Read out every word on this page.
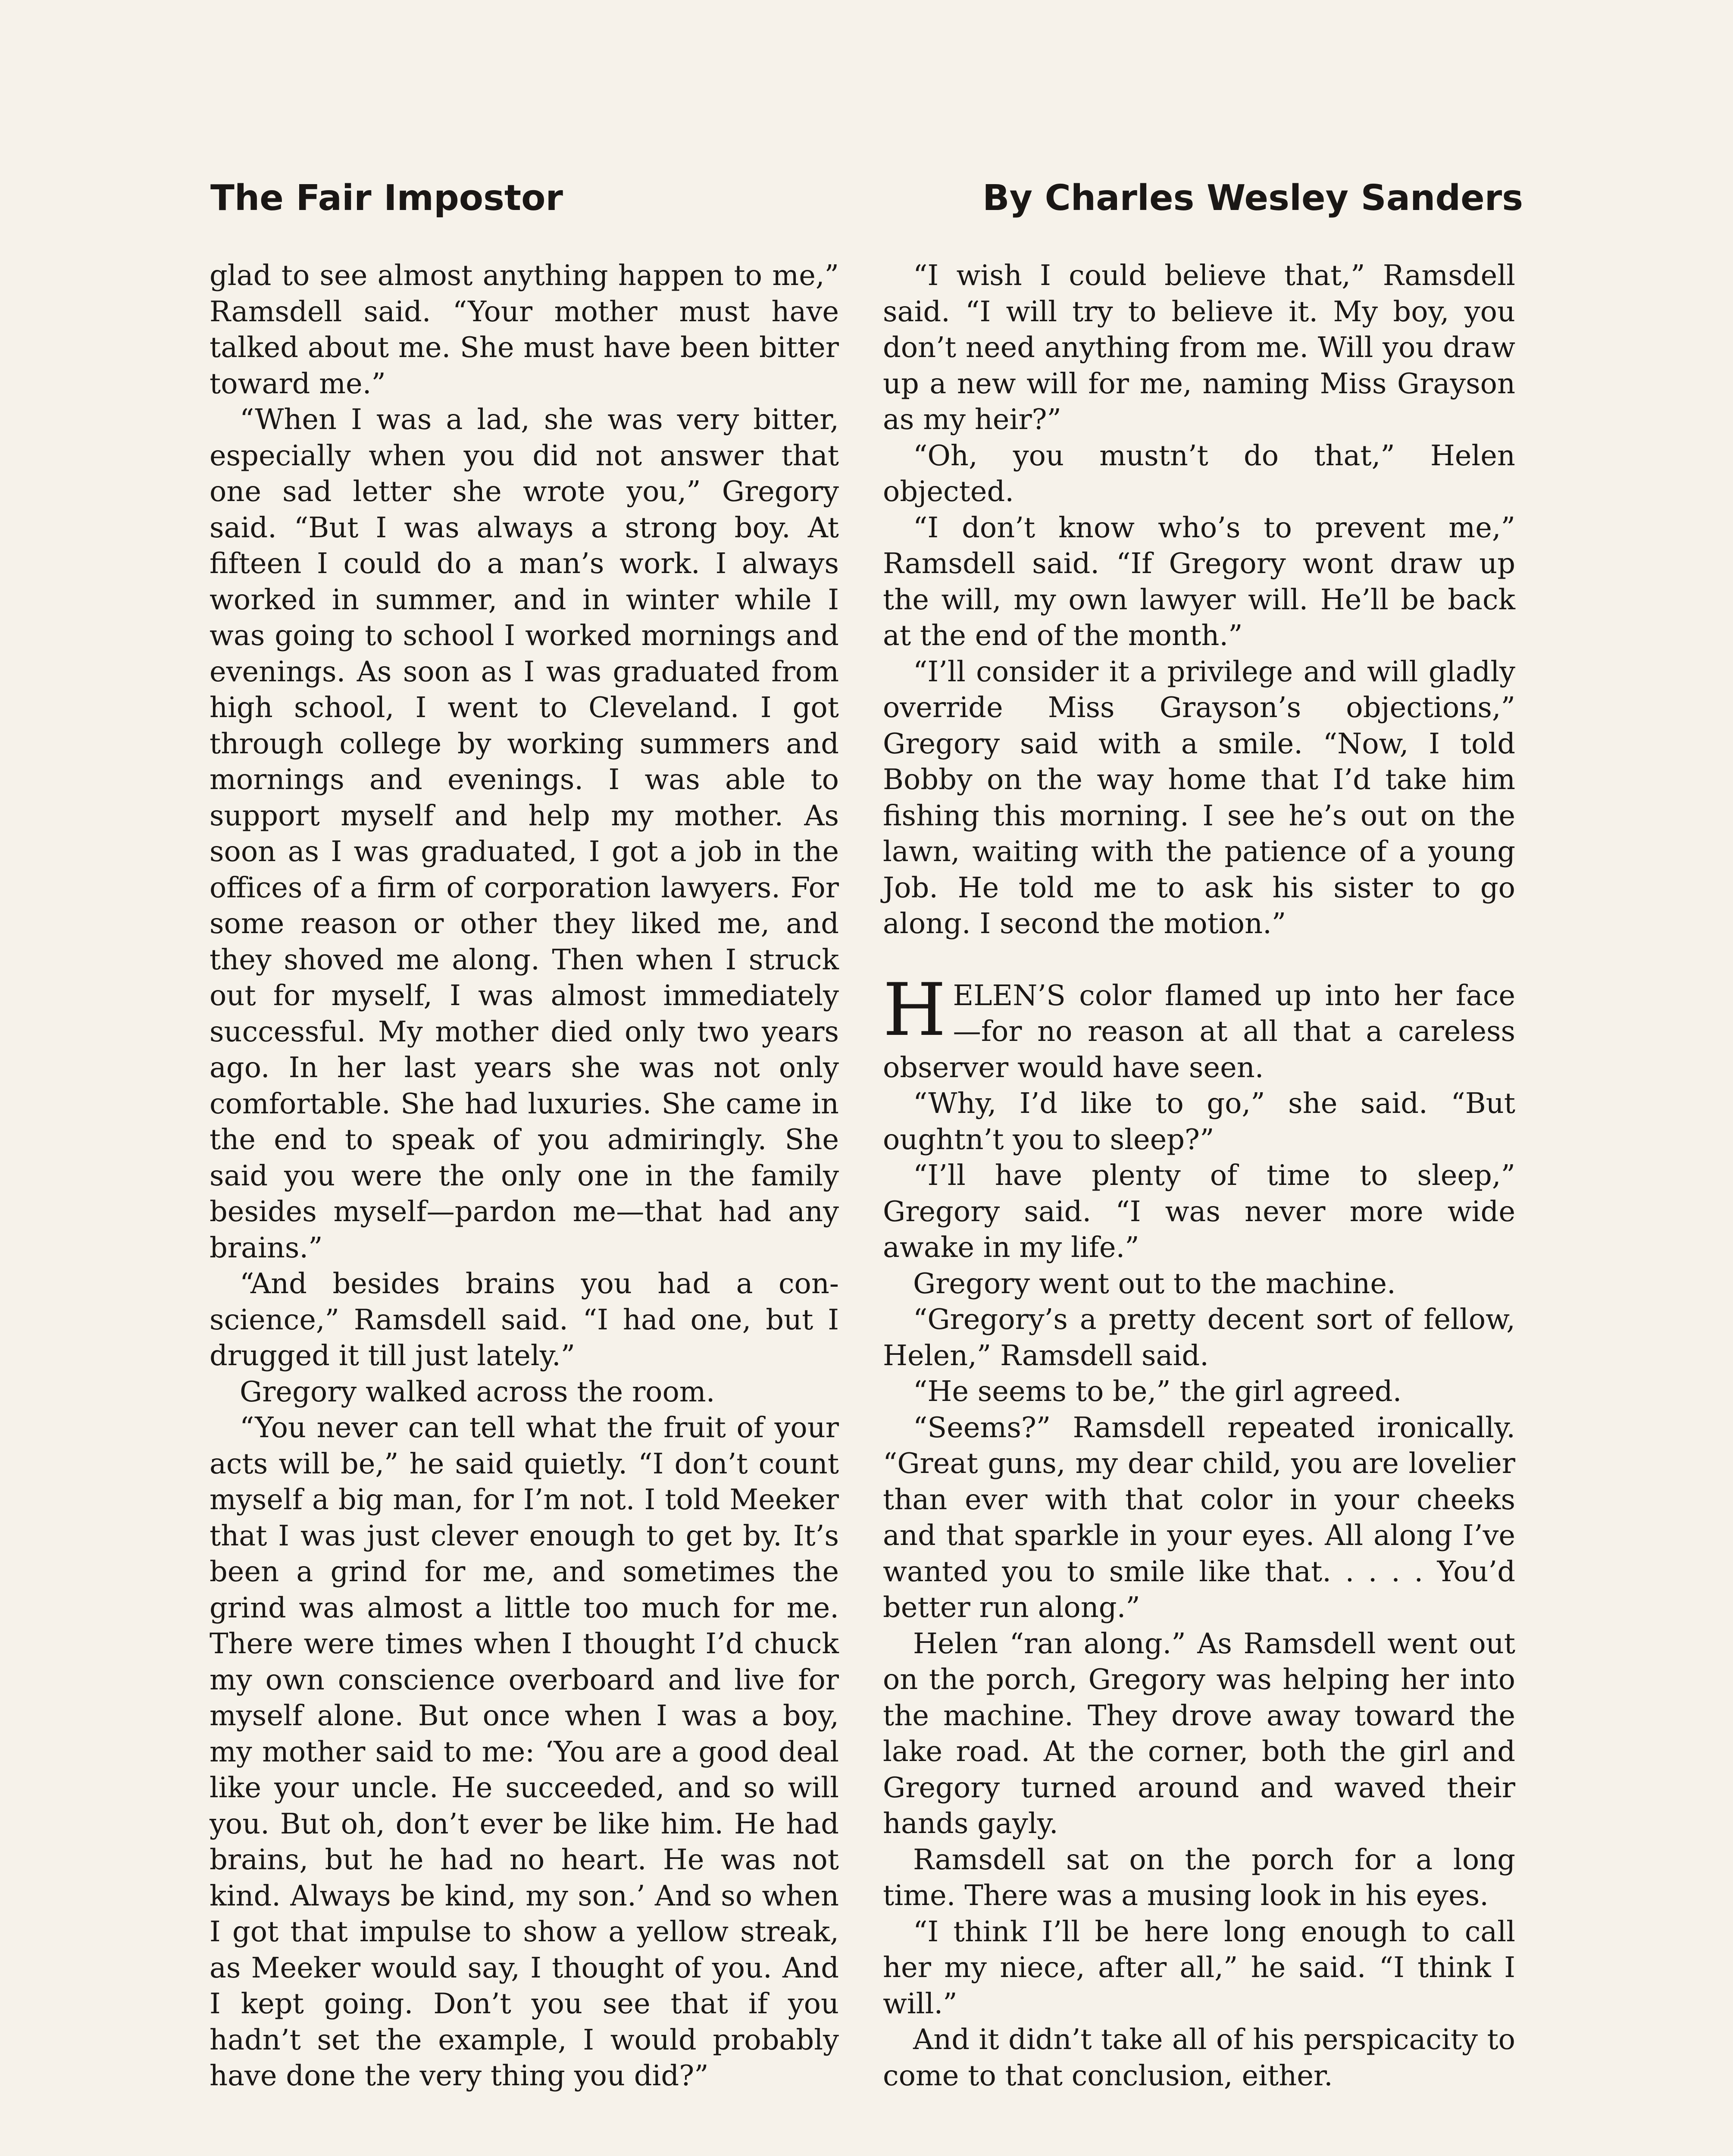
The Fair Impostor	By Charles Wesley Sanders

glad to see almost anything happen to me,” Ramsdell said. “Your mother must have talked about me. She must have been bitter toward me.”

“When I was a lad, she was very bitter, especially when you did not answer that one sad letter she wrote you,” Gregory said. “But I was always a strong boy. At fifteen I could do a man’s work. I always worked in summer, and in winter while I was going to school I worked mornings and evenings. As soon as I was graduated from high school, I went to Cleveland. I got through college by working summers and mornings and evenings. I was able to support myself and help my mother. As soon as I was graduated, I got a job in the offices of a firm of corporation lawyers. For some reason or other they liked me, and they shoved me along. Then when I struck out for myself, I was almost immediately successful. My mother died only two years ago. In her last years she was not only comfortable. She had luxuries. She came in the end to speak of you admiringly. She said you were the only one in the family besides myself—pardon me—that had any brains.”

“And besides brains you had a conscience,” Ramsdell said. “I had one, but I drugged it till just lately.”

Gregory walked across the room.

“You never can tell what the fruit of your acts will be,” he said quietly. “I don’t count myself a big man, for I’m not. I told Meeker that I was just clever enough to get by. It’s been a grind for me, and sometimes the grind was almost a little too much for me. There were times when I thought I’d chuck my own conscience overboard and live for myself alone. But once when I was a boy, my mother said to me: ‘You are a good deal like your uncle. He succeeded, and so will you. But oh, don’t ever be like him. He had brains, but he had no heart. He was not kind. Always be kind, my son.’ And so when I got that impulse to show a yellow streak, as Meeker would say, I thought of you. And I kept going. Don’t you see that if you hadn’t set the example, I would probably have done the very thing you did?”

“I wish I could believe that,” Ramsdell said. “I will try to believe it. My boy, you don’t need anything from me. Will you draw up a new will for me, naming Miss Grayson as my heir?”

“Oh, you mustn’t do that,” Helen objected.

“I don’t know who’s to prevent me,” Ramsdell said. “If Gregory wont draw up the will, my own lawyer will. He’ll be back at the end of the month.”

“I’ll consider it a privilege and will gladly override Miss Grayson’s objections,” Gregory said with a smile. “Now, I told Bobby on the way home that I’d take him fishing this morning. I see he’s out on the lawn, waiting with the patience of a young Job. He told me to ask his sister to go along. I second the motion.”

HELEN’S color flamed up into her face—for no reason at all that a careless observer would have seen.

“Why, I’d like to go,” she said. “But oughtn’t you to sleep?”

“I’ll have plenty of time to sleep,” Gregory said. “I was never more wide awake in my life.”

Gregory went out to the machine.

“Gregory’s a pretty decent sort of fellow, Helen,” Ramsdell said.

“He seems to be,” the girl agreed.

“Seems?” Ramsdell repeated ironically. “Great guns, my dear child, you are lovelier than ever with that color in your cheeks and that sparkle in your eyes. All along I’ve wanted you to smile like that. . . . . You’d better run along.”

Helen “ran along.” As Ramsdell went out on the porch, Gregory was helping her into the machine. They drove away toward the lake road. At the corner, both the girl and Gregory turned around and waved their hands gayly.

Ramsdell sat on the porch for a long time. There was a musing look in his eyes.

“I think I’ll be here long enough to call her my niece, after all,” he said. “I think I will.”

And it didn’t take all of his perspicacity to come to that conclusion, either.
